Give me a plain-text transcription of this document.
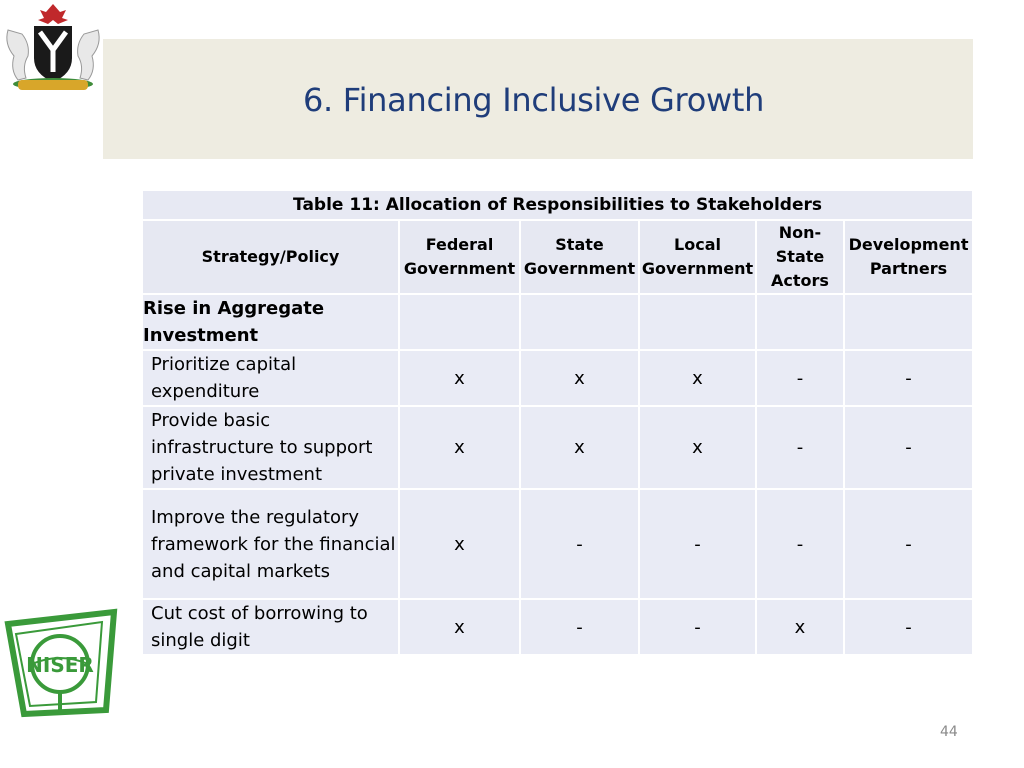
6. Financing Inclusive Growth
Table 11: Allocation of Responsibilities to Stakeholders					
Strategy/Policy	Federal Government	State Government	Local Government	Non-State Actors	Development Partners
Rise in Aggregate Investment					
Prioritize capital expenditure	x	x	x	-	-
Provide basic infrastructure to support private investment	x	x	x	-	-
Improve the regulatory framework for the financial and capital markets	x	-	-	-	-
Cut cost of borrowing to single digit	x	-	-	x	-
NISER
44
